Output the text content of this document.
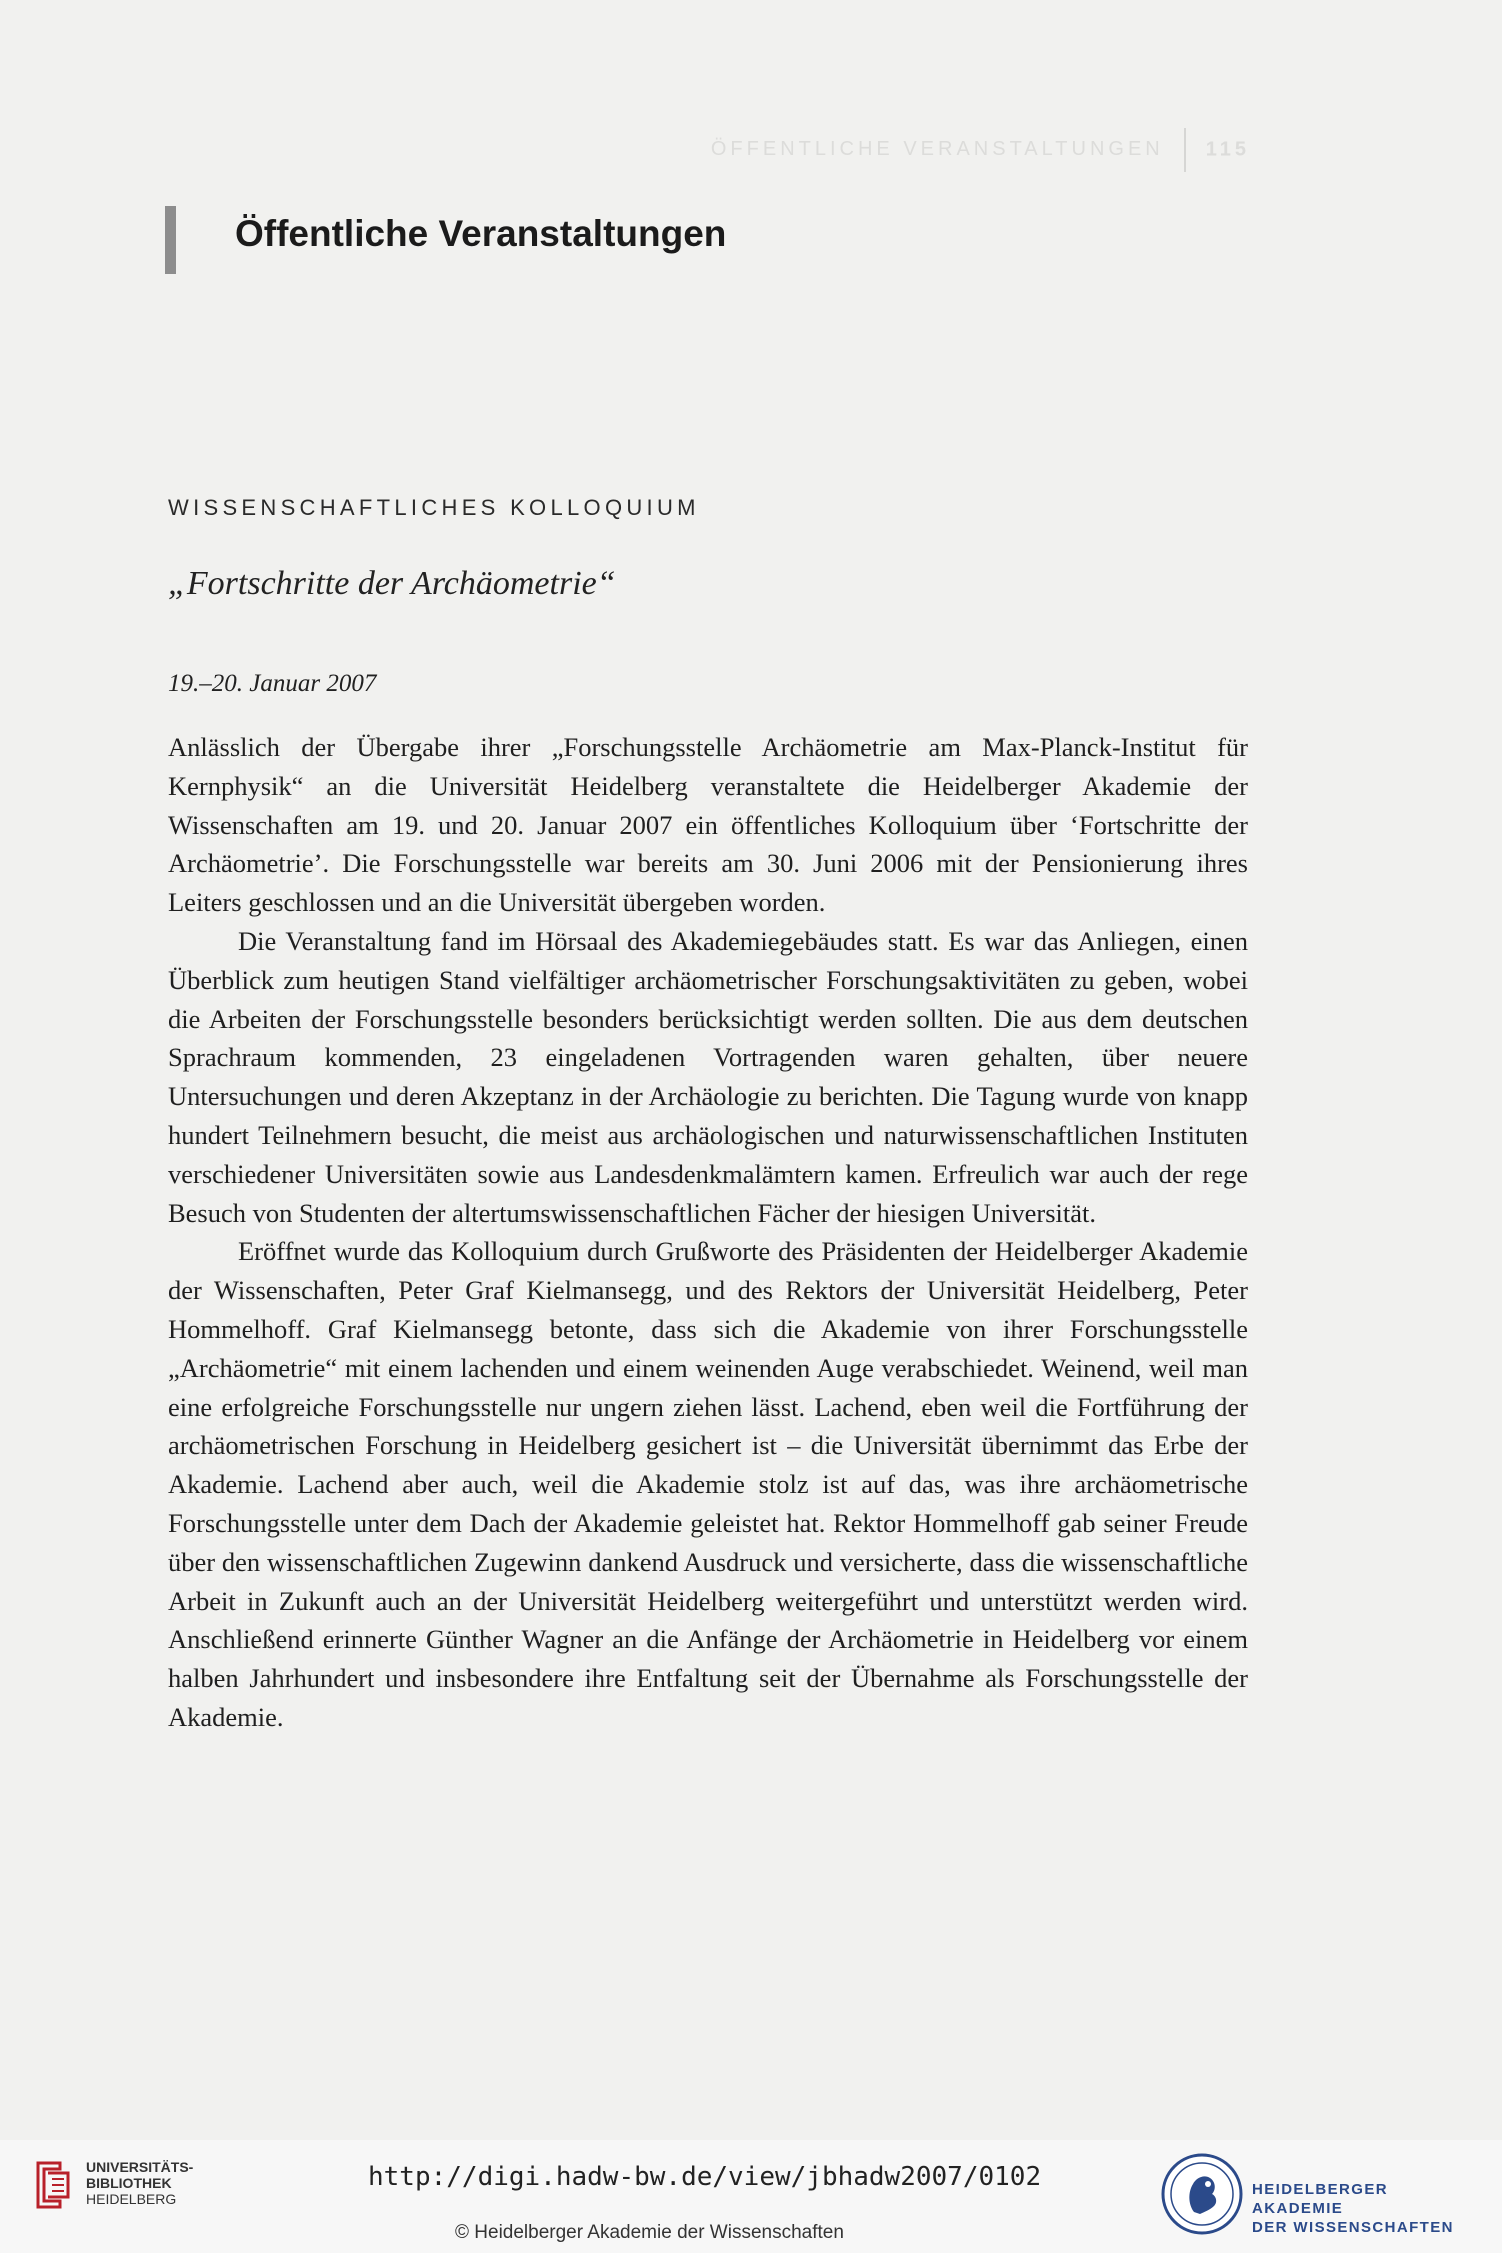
ÖFFENTLICHE VERANSTALTUNGEN 115
Öffentliche Veranstaltungen
WISSENSCHAFTLICHES KOLLOQUIUM
„Fortschritte der Archäometrie“
19.–20. Januar 2007

Anlässlich der Übergabe ihrer „Forschungsstelle Archäometrie am Max-Planck-Institut für Kernphysik“ an die Universität Heidelberg veranstaltete die Heidelberger Akademie der Wissenschaften am 19. und 20. Januar 2007 ein öffentliches Kolloquium über ‘Fortschritte der Archäometrie’. Die Forschungsstelle war bereits am 30. Juni 2006 mit der Pensionierung ihres Leiters geschlossen und an die Universität übergeben worden.

Die Veranstaltung fand im Hörsaal des Akademiegebäudes statt. Es war das Anliegen, einen Überblick zum heutigen Stand vielfältiger archäometrischer Forschungsaktivitäten zu geben, wobei die Arbeiten der Forschungsstelle besonders berücksichtigt werden sollten. Die aus dem deutschen Sprachraum kommenden, 23 eingeladenen Vortragenden waren gehalten, über neuere Untersuchungen und deren Akzeptanz in der Archäologie zu berichten. Die Tagung wurde von knapp hundert Teilnehmern besucht, die meist aus archäologischen und naturwissenschaftlichen Instituten verschiedener Universitäten sowie aus Landesdenkmalämtern kamen. Erfreulich war auch der rege Besuch von Studenten der altertumswissenschaftlichen Fächer der hiesigen Universität.

Eröffnet wurde das Kolloquium durch Grußworte des Präsidenten der Heidelberger Akademie der Wissenschaften, Peter Graf Kielmansegg, und des Rektors der Universität Heidelberg, Peter Hommelhoff. Graf Kielmansegg betonte, dass sich die Akademie von ihrer Forschungsstelle „Archäometrie“ mit einem lachenden und einem weinenden Auge verabschiedet. Weinend, weil man eine erfolgreiche Forschungsstelle nur ungern ziehen lässt. Lachend, eben weil die Fortführung der archäometrischen Forschung in Heidelberg gesichert ist – die Universität übernimmt das Erbe der Akademie. Lachend aber auch, weil die Akademie stolz ist auf das, was ihre archäometrische Forschungsstelle unter dem Dach der Akademie geleistet hat. Rektor Hommelhoff gab seiner Freude über den wissenschaftlichen Zugewinn dankend Ausdruck und versicherte, dass die wissenschaftliche Arbeit in Zukunft auch an der Universität Heidelberg weitergeführt und unterstützt werden wird. Anschließend erinnerte Günther Wagner an die Anfänge der Archäometrie in Heidelberg vor einem halben Jahrhundert und insbesondere ihre Entfaltung seit der Übernahme als Forschungsstelle der Akademie.

UNIVERSITÄTS-
BIBLIOTHEK
HEIDELBERG

http://digi.hadw-bw.de/view/jbhadw2007/0102
© Heidelberger Akademie der Wissenschaften
HEIDELBERGER AKADEMIE
DER WISSENSCHAFTEN
